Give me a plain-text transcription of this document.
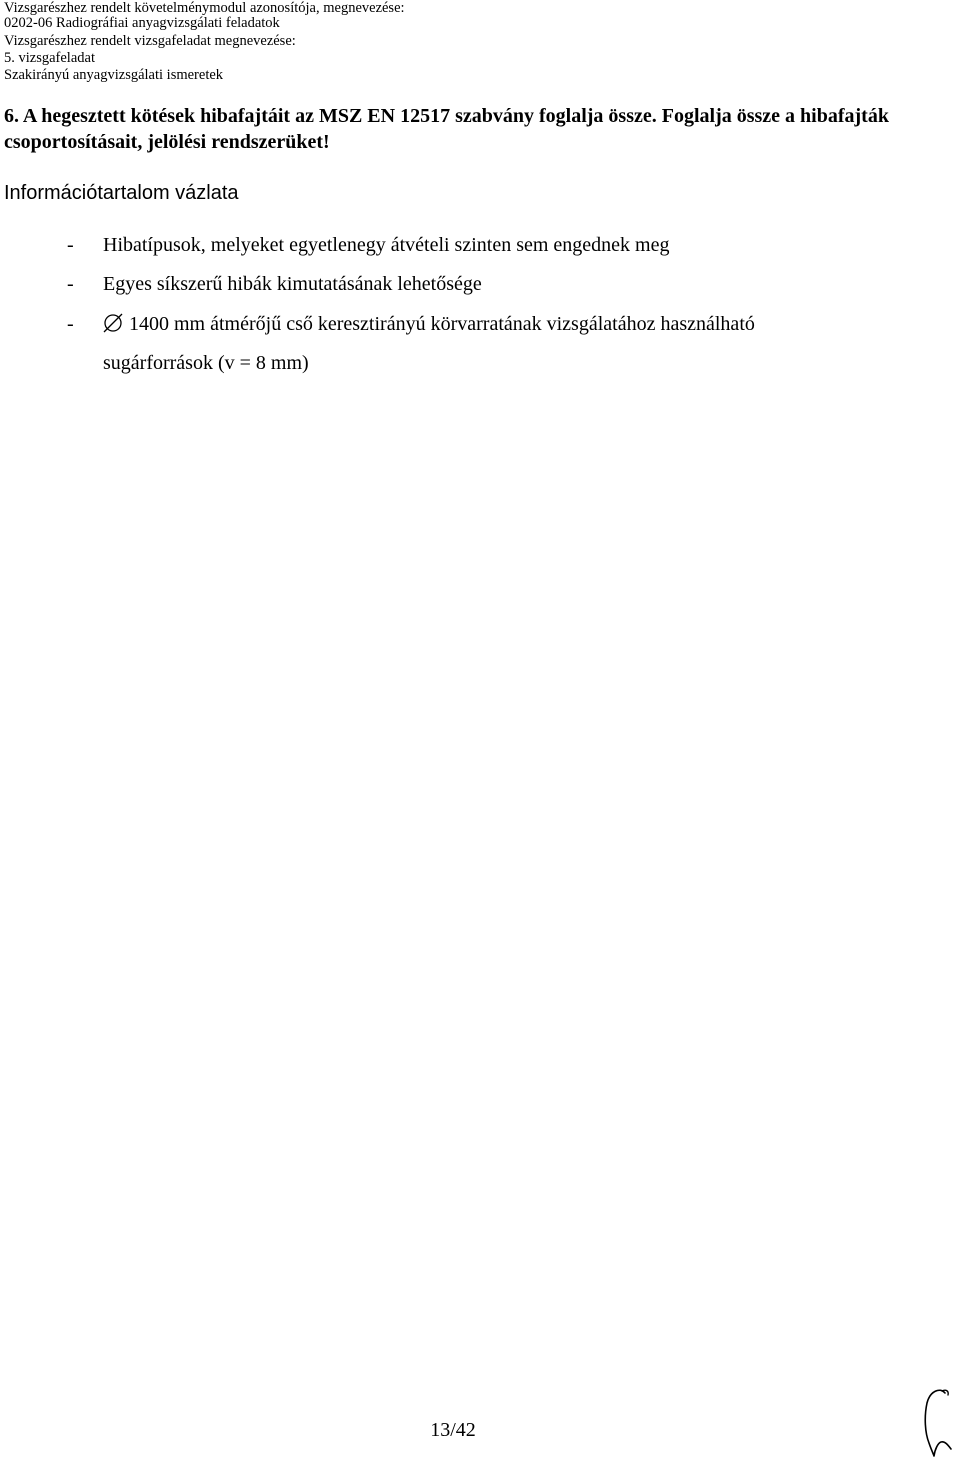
Vizsgarészhez rendelt követelménymodul azonosítója, megnevezése:
0202-06 Radiográfiai anyagvizsgálati feladatok
Vizsgarészhez rendelt vizsgafeladat megnevezése:
5. vizsgafeladat
Szakirányú anyagvizsgálati ismeretek
6. A hegesztett kötések hibafajtáit az MSZ EN 12517 szabvány foglalja össze. Foglalja össze a hibafajták csoportosításait, jelölési rendszerüket!
Információtartalom vázlata
- Hibatípusok, melyeket egyetlenegy átvételi szinten sem engednek meg
- Egyes síkszerű hibák kimutatásának lehetősége
-	1400 mm átmérőjű cső keresztirányú körvarratának vizsgálatához használható
sugárforrások (v = 8 mm)
13/42
